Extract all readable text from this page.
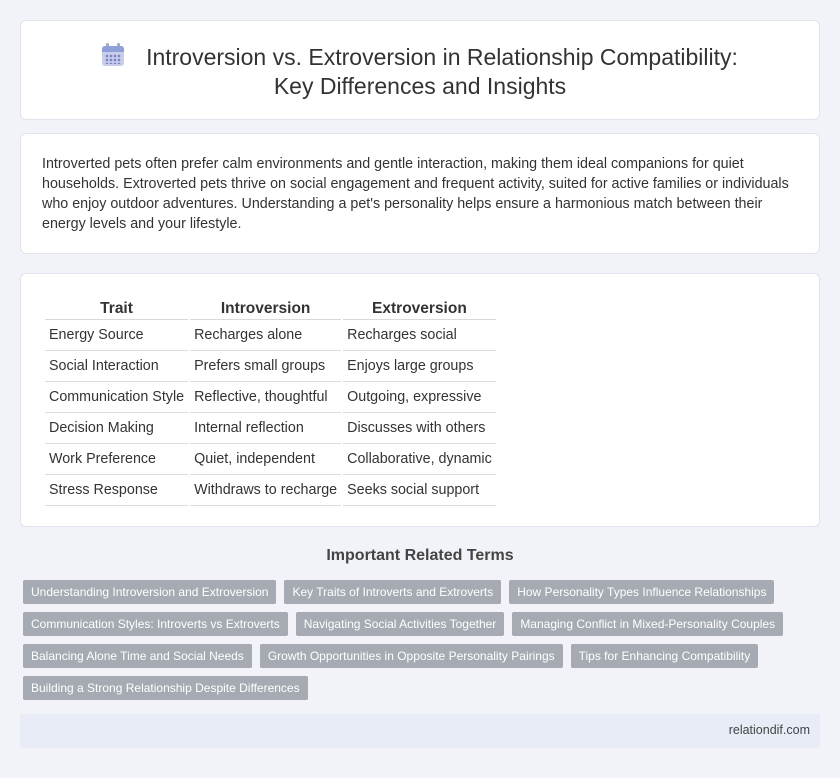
Introversion vs. Extroversion in Relationship Compatibility: Key Differences and Insights

Introverted pets often prefer calm environments and gentle interaction, making them ideal companions for quiet households. Extroverted pets thrive on social engagement and frequent activity, suited for active families or individuals who enjoy outdoor adventures. Understanding a pet's personality helps ensure a harmonious match between their energy levels and your lifestyle.

Trait	Introversion	Extroversion
Energy Source	Recharges alone	Recharges social
Social Interaction	Prefers small groups	Enjoys large groups
Communication Style	Reflective, thoughtful	Outgoing, expressive
Decision Making	Internal reflection	Discusses with others
Work Preference	Quiet, independent	Collaborative, dynamic
Stress Response	Withdraws to recharge	Seeks social support
Important Related Terms
Understanding Introversion and Extroversion	Key Traits of Introverts and Extroverts	How Personality Types Influence Relationships
Communication Styles: Introverts vs Extroverts	Navigating Social Activities Together	Managing Conflict in Mixed-Personality Couples
Balancing Alone Time and Social Needs	Growth Opportunities in Opposite Personality Pairings	Tips for Enhancing Compatibility
Building a Strong Relationship Despite Differences
relationdif.com
